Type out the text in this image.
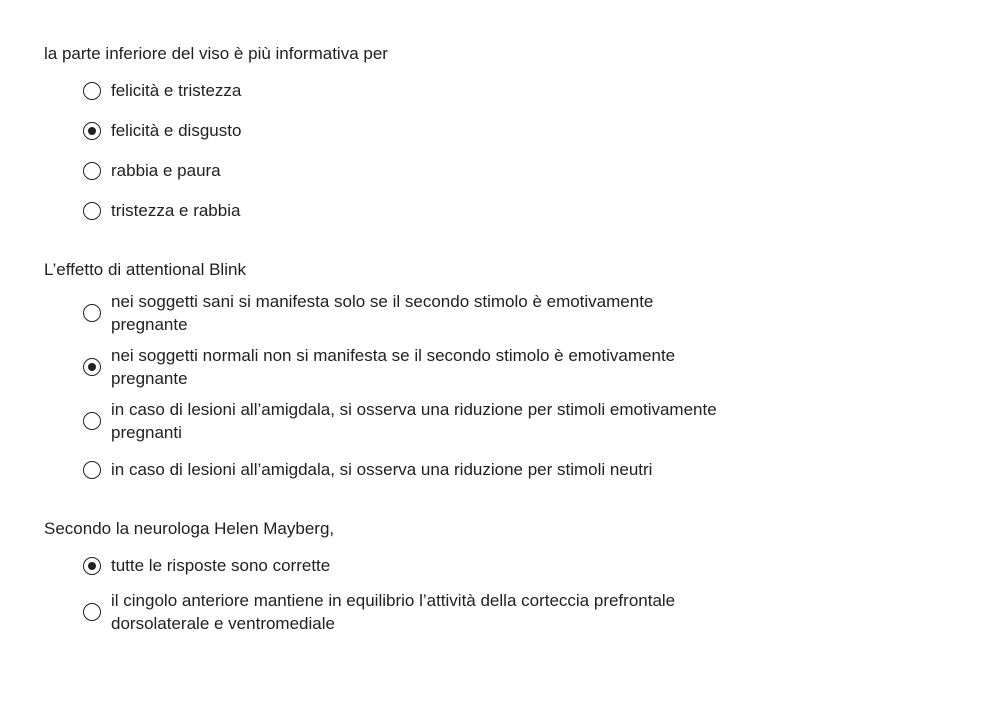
la parte inferiore del viso è più informativa per
felicità e tristezza
felicità e disgusto
rabbia e paura
tristezza e rabbia
L’effetto di attentional Blink
nei soggetti sani si manifesta solo se il secondo stimolo è emotivamente pregnante
nei soggetti normali non si manifesta se il secondo stimolo è emotivamente pregnante
in caso di lesioni all’amigdala, si osserva una riduzione per stimoli emotivamente pregnanti
in caso di lesioni all’amigdala, si osserva una riduzione per stimoli neutri
Secondo la neurologa Helen Mayberg,
tutte le risposte sono corrette
il cingolo anteriore mantiene in equilibrio l’attività della corteccia prefrontale dorsolaterale e ventromediale
